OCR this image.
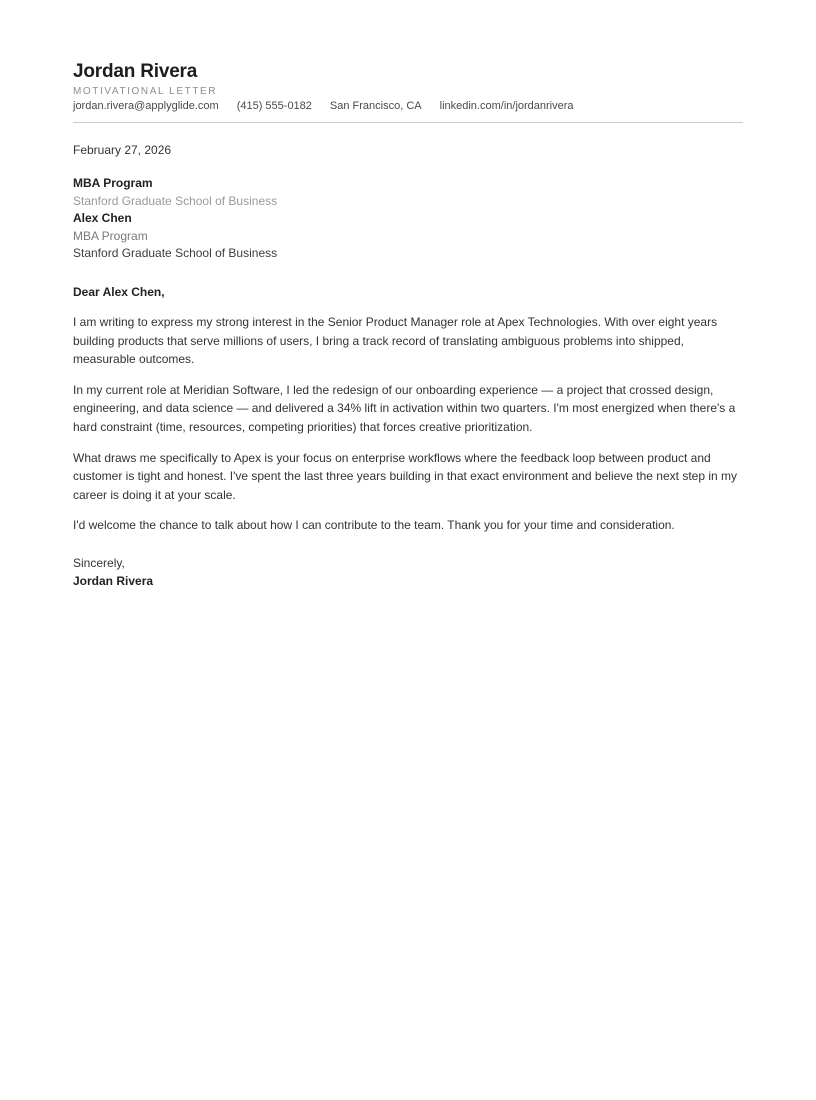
Jordan Rivera
MOTIVATIONAL LETTER
jordan.rivera@applyglide.com (415) 555-0182 San Francisco, CA linkedin.com/in/jordanrivera
February 27, 2026
MBA Program
Stanford Graduate School of Business
Alex Chen
MBA Program
Stanford Graduate School of Business

Dear Alex Chen,

I am writing to express my strong interest in the Senior Product Manager role at Apex Technologies. With over eight years building products that serve millions of users, I bring a track record of translating ambiguous problems into shipped, measurable outcomes.

In my current role at Meridian Software, I led the redesign of our onboarding experience — a project that crossed design, engineering, and data science — and delivered a 34% lift in activation within two quarters. I'm most energized when there's a hard constraint (time, resources, competing priorities) that forces creative prioritization.

What draws me specifically to Apex is your focus on enterprise workflows where the feedback loop between product and customer is tight and honest. I've spent the last three years building in that exact environment and believe the next step in my career is doing it at your scale.

I'd welcome the chance to talk about how I can contribute to the team. Thank you for your time and consideration.

Sincerely,
Jordan Rivera
